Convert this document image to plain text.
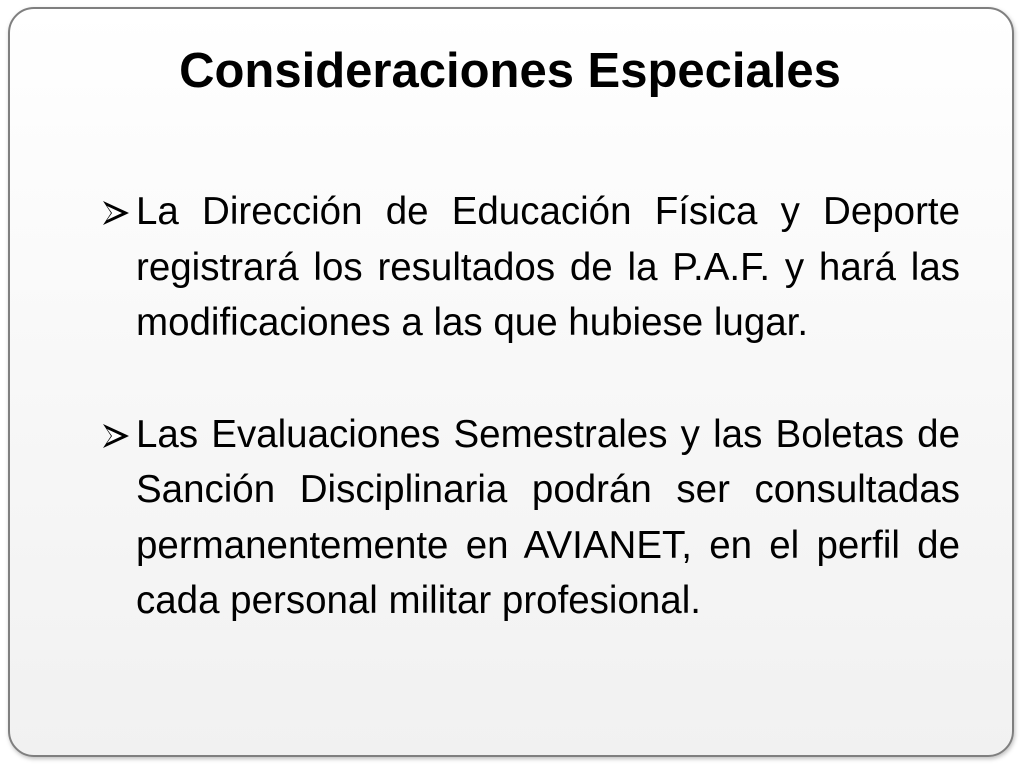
Consideraciones Especiales
La Dirección de Educación Física y Deporte registrará los resultados de la P.A.F. y hará las modificaciones a las que hubiese lugar.
Las Evaluaciones Semestrales y las Boletas de Sanción Disciplinaria podrán ser consultadas permanentemente en AVIANET, en el perfil de cada personal militar profesional.
